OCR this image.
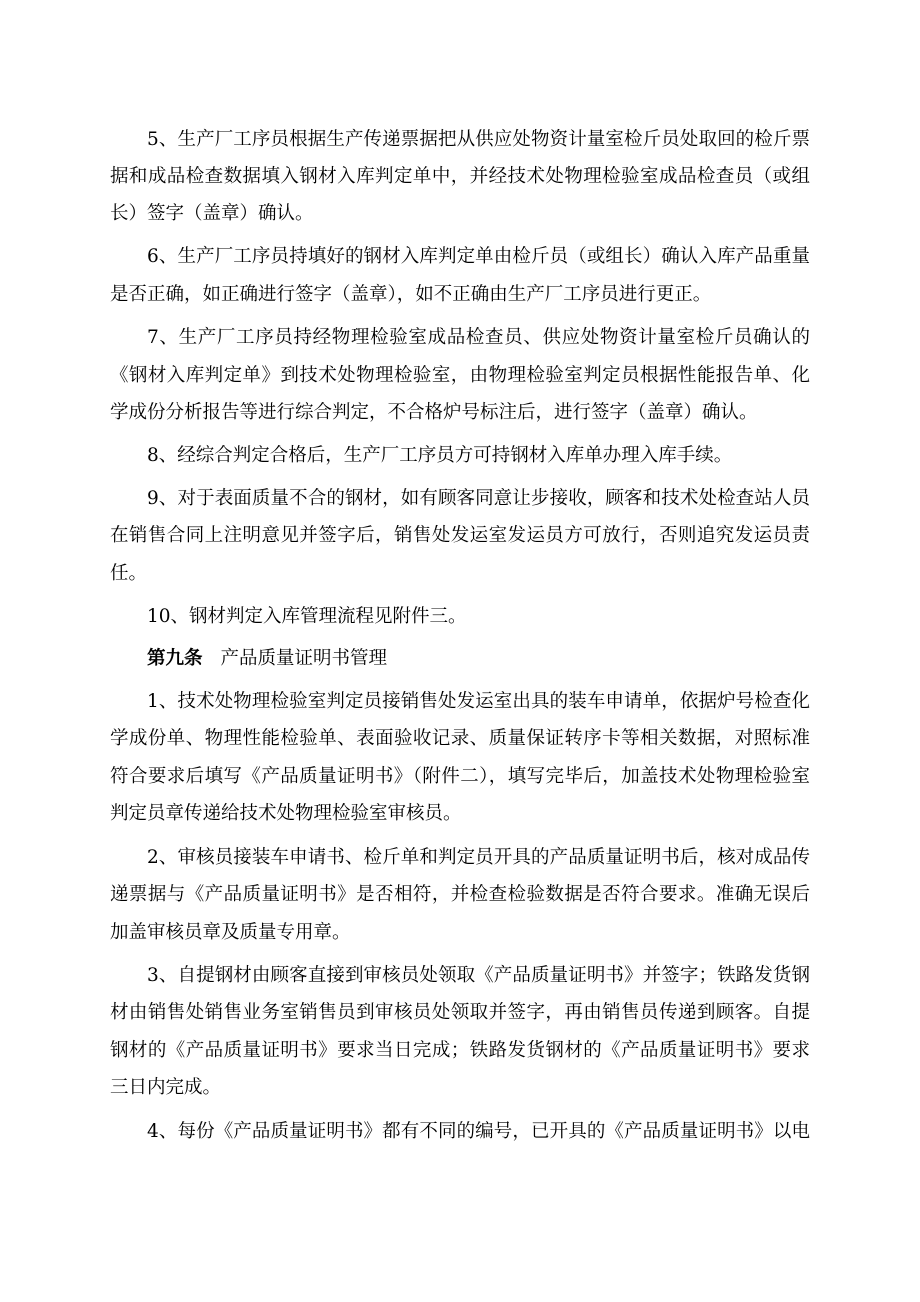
5、生产厂工序员根据生产传递票据把从供应处物资计量室检斤员处取回的检斤票
据和成品检查数据填入钢材入库判定单中，并经技术处物理检验室成品检查员（或组
长）签字（盖章）确认。
6、生产厂工序员持填好的钢材入库判定单由检斤员（或组长）确认入库产品重量
是否正确，如正确进行签字（盖章），如不正确由生产厂工序员进行更正。
7、生产厂工序员持经物理检验室成品检查员、供应处物资计量室检斤员确认的
《钢材入库判定单》到技术处物理检验室，由物理检验室判定员根据性能报告单、化
学成份分析报告等进行综合判定，不合格炉号标注后，进行签字（盖章）确认。
8、经综合判定合格后，生产厂工序员方可持钢材入库单办理入库手续。
9、对于表面质量不合的钢材，如有顾客同意让步接收，顾客和技术处检查站人员
在销售合同上注明意见并签字后，销售处发运室发运员方可放行，否则追究发运员责
任。
10、钢材判定入库管理流程见附件三。
第九条 产品质量证明书管理
1、技术处物理检验室判定员接销售处发运室出具的装车申请单，依据炉号检查化
学成份单、物理性能检验单、表面验收记录、质量保证转序卡等相关数据，对照标准
符合要求后填写《产品质量证明书》（附件二），填写完毕后，加盖技术处物理检验室
判定员章传递给技术处物理检验室审核员。
2、审核员接装车申请书、检斤单和判定员开具的产品质量证明书后，核对成品传
递票据与《产品质量证明书》是否相符，并检查检验数据是否符合要求。准确无误后
加盖审核员章及质量专用章。
3、自提钢材由顾客直接到审核员处领取《产品质量证明书》并签字；铁路发货钢
材由销售处销售业务室销售员到审核员处领取并签字，再由销售员传递到顾客。自提
钢材的《产品质量证明书》要求当日完成；铁路发货钢材的《产品质量证明书》要求
三日内完成。
4、每份《产品质量证明书》都有不同的编号，已开具的《产品质量证明书》以电
